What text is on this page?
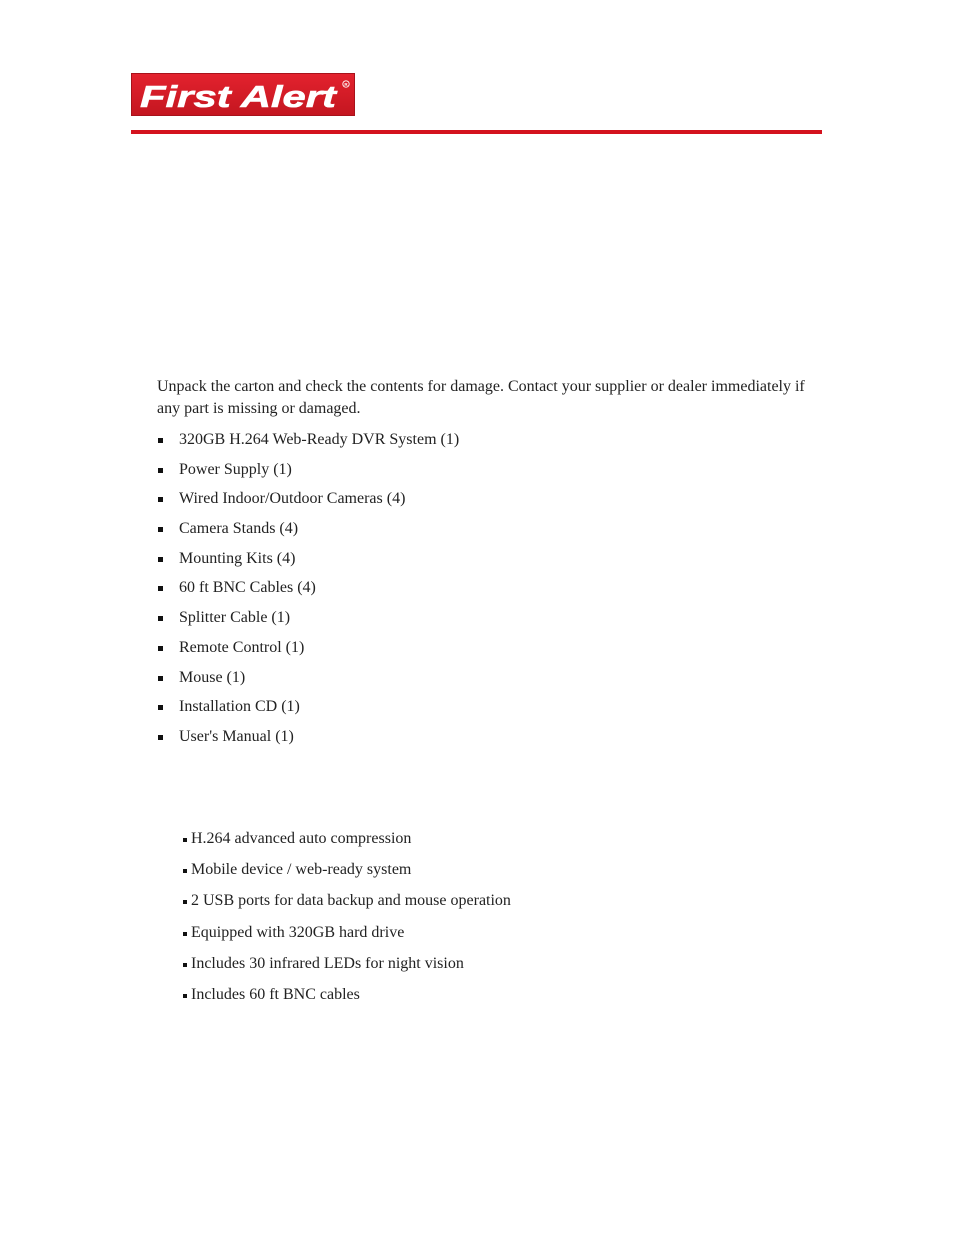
First Alert R

Unpack the carton and check the contents for damage. Contact your supplier or dealer immediately if any part is missing or damaged.

320GB H.264 Web-Ready DVR System (1)
Power Supply (1)
Wired Indoor/Outdoor Cameras (4)
Camera Stands (4)
Mounting Kits (4)
60 ft BNC Cables (4)
Splitter Cable (1)
Remote Control (1)
Mouse (1)
Installation CD (1)
User's Manual (1)
H.264 advanced auto compression
Mobile device / web-ready system
2 USB ports for data backup and mouse operation
Equipped with 320GB hard drive
Includes 30 infrared LEDs for night vision
Includes 60 ft BNC cables
